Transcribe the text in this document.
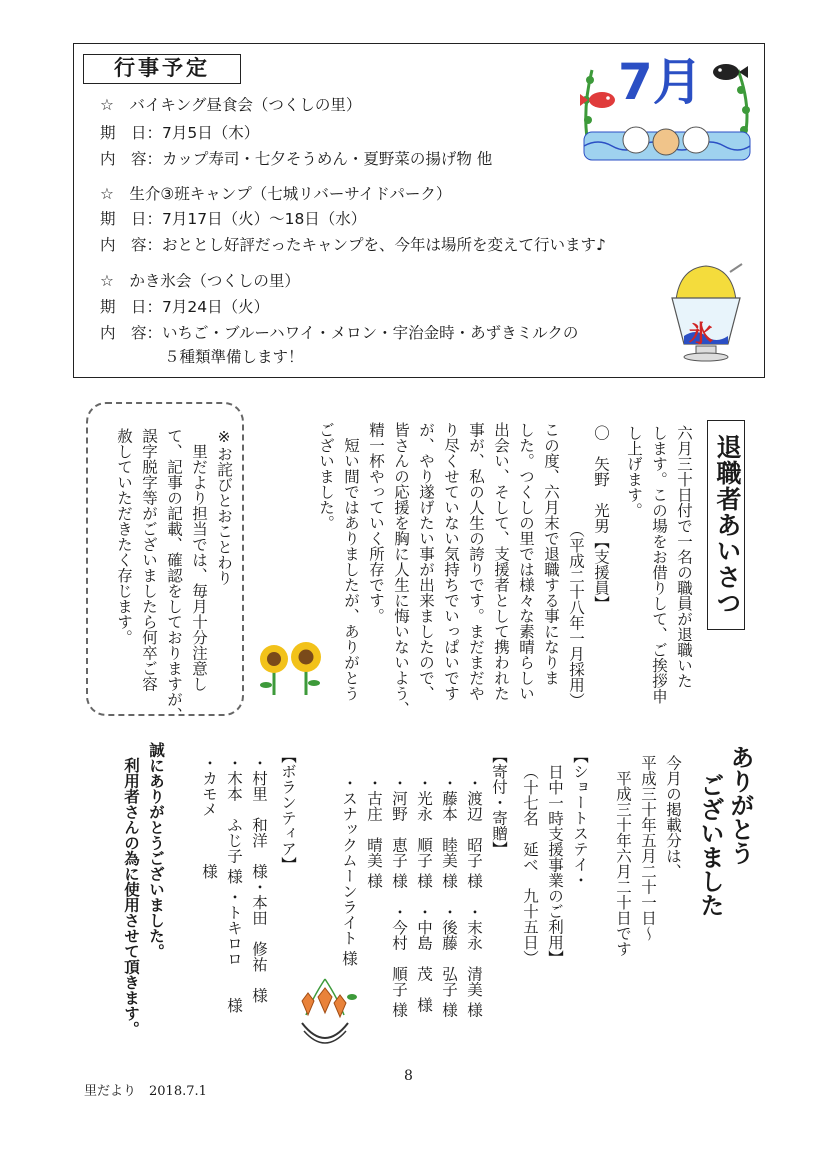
行事予定
☆　バイキング昼食会（つくしの里）
期　日：7月5日（木）
内　容：カップ寿司・七夕そうめん・夏野菜の揚げ物 他
☆　生介③班キャンプ（七城リバーサイドパーク）
期　日：7月17日（火）～18日（水）
内　容：おととし好評だったキャンプを、今年は場所を変えて行います♪
☆　かき氷会（つくしの里）
期　日：7月24日（火）
内　容：いちご・ブルーハワイ・メロン・宇治金時・あずきミルクの
５種類準備します！
7月
氷
退職者あいさつ
六月三十日付で一名の職員が退職いた
します。この場をお借りして、ご挨拶申
し上げます。
〇　矢野　光男【支援員】
（平成二十八年一月採用）
この度、六月末で退職する事になりま
した。つくしの里では様々な素晴らしい
出会い、そして、支援者として携われた
事が、私の人生の誇りです。まだまだや
り尽くせていない気持ちでいっぱいです
が、やり遂げたい事が出来ましたので、
皆さんの応援を胸に人生に悔いないよう、
精一杯やっていく所存です。
　短い間ではありましたが、ありがとう
ございました。
※お詫びとおことわり
　里だより担当では、毎月十分注意し
て、記事の記載、確認をしておりますが、
誤字脱字等がございましたら何卒ご容
赦していただきたく存じます。
ありがとう
ございました
今月の掲載分は、
平成三十年五月二十一日～
　平成三十年六月二十日です
【ショートステイ・
日中一時支援事業のご利用】
（十七名　延べ　九十五日）
【寄付・寄贈】
・渡辺　昭子 様　・末永　清美 様
・藤本　睦美 様　・後藤　弘子 様
・光永　順子 様　・中島　茂　様
・河野　恵子 様　・今村　順子 様
・古庄　晴美 様
・スナックムーンライト 様
【ボランティア】
・村里　和洋　様・本田　修祐　様
・木本　ふじ子 様 ・トキロロ　　様
・カモメ　　　様
誠にありがとうございました。
　利用者さんの為に使用させて頂きます。
8
里だより　2018.7.1
